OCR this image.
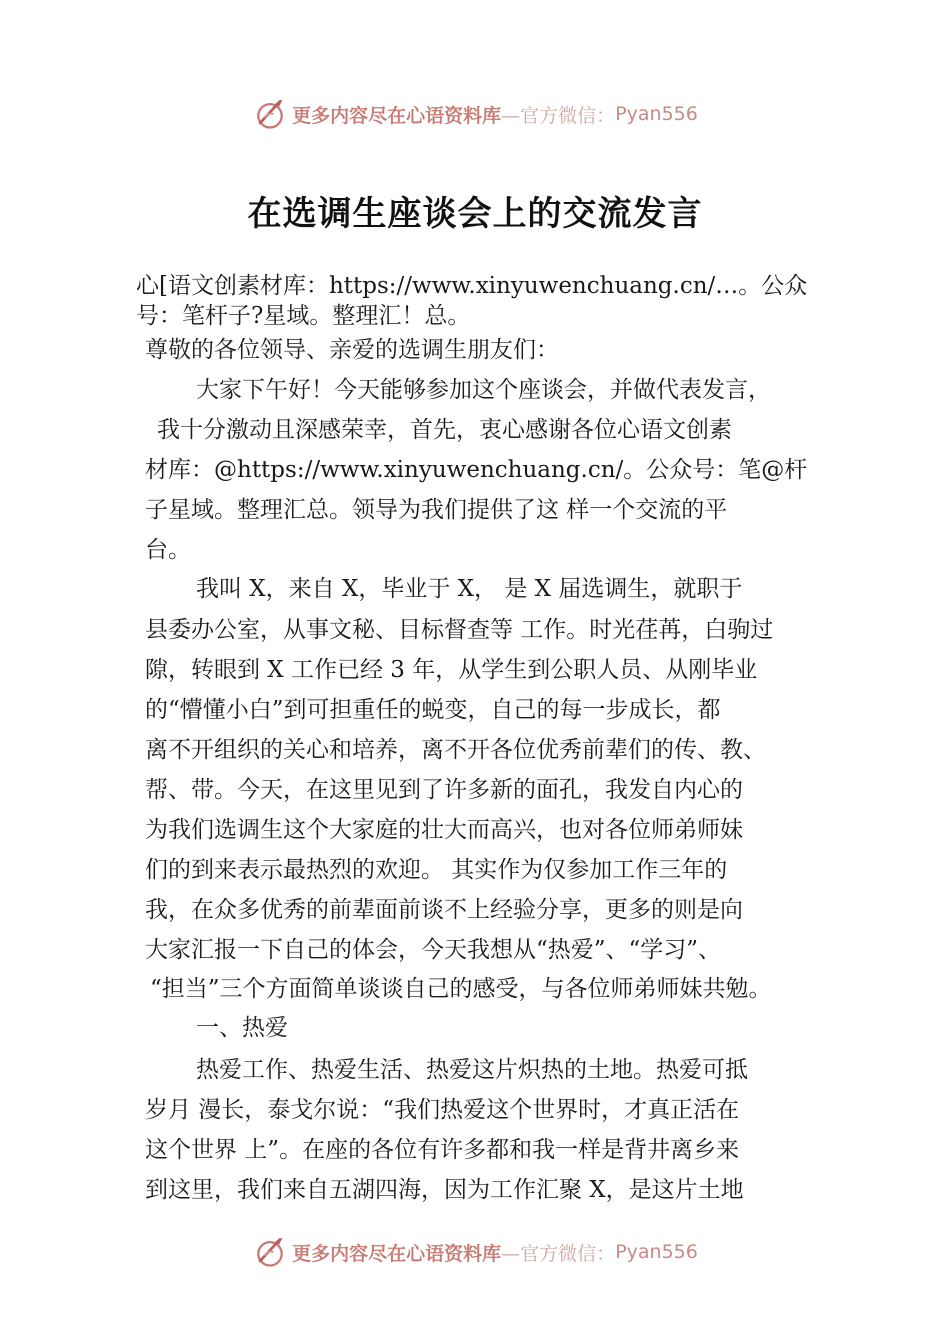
更多内容尽在心语资料库 —官方微信： Pyan556
在选调生座谈会上的交流发言
心[语文创素材库：https://www.xinyuwenchuang.cn/…。公众
号：笔杆子?星域。整理汇！总。
尊敬的各位领导、亲爱的选调生朋友们：
大家下午好！今天能够参加这个座谈会，并做代表发言，
我十分激动且深感荣幸，首先，衷心感谢各位心语文创素
材库：@https://www.xinyuwenchuang.cn/。公众号：笔@杆
子星域。整理汇总。领导为我们提供了这 样一个交流的平
台。
我叫 X，来自 X，毕业于 X， 是 X 届选调生，就职于
县委办公室，从事文秘、目标督查等 工作。时光荏苒，白驹过
隙，转眼到 X 工作已经 3 年，从学生到公职人员、从刚毕业
的“懵懂小白”到可担重任的蜕变，自己的每一步成长，都
离不开组织的关心和培养，离不开各位优秀前辈们的传、教、
帮、带。今天，在这里见到了许多新的面孔，我发自内心的
为我们选调生这个大家庭的壮大而高兴，也对各位师弟师妹
们的到来表示最热烈的欢迎。 其实作为仅参加工作三年的
我，在众多优秀的前辈面前谈不上经验分享，更多的则是向
大家汇报一下自己的体会，今天我想从“热爱”、“学习”、
“担当”三个方面简单谈谈自己的感受，与各位师弟师妹共勉。
一、热爱
热爱工作、热爱生活、热爱这片炽热的土地。热爱可抵
岁月 漫长，泰戈尔说：“我们热爱这个世界时，才真正活在
这个世界 上”。在座的各位有许多都和我一样是背井离乡来
到这里，我们来自五湖四海，因为工作汇聚 X，是这片土地
更多内容尽在心语资料库 —官方微信： Pyan556
